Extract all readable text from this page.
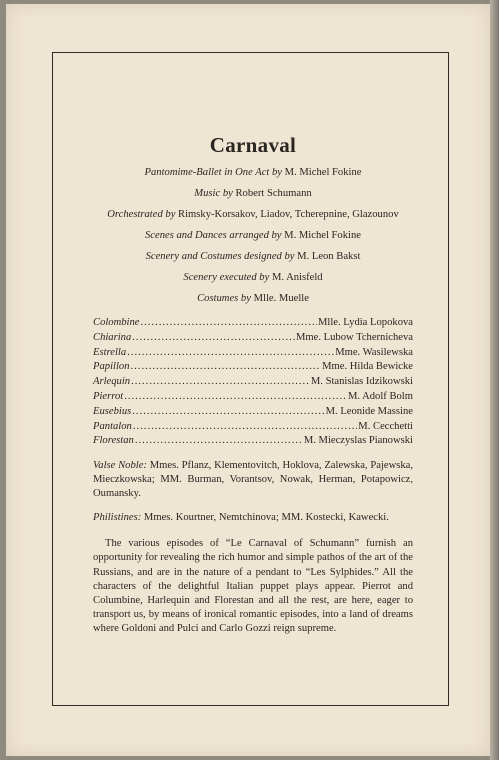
Carnaval
Pantomime-Ballet in One Act by M. Michel Fokine
Music by Robert Schumann
Orchestrated by Rimsky-Korsakov, Liadov, Tcherepnine, Glazounov
Scenes and Dances arranged by M. Michel Fokine
Scenery and Costumes designed by M. Leon Bakst
Scenery executed by M. Anisfeld
Costumes by Mlle. Muelle
Colombine .....	Mlle. Lydia Lopokova
Chiarina .....	Mme. Lubow Tchernicheva
Estrella .....	Mme. Wasilewska
Papillon .....	Mme. Hilda Bewicke
Arlequin .....	M. Stanislas Idzikowski
Pierrot .....	M. Adolf Bolm
Eusebius .....	M. Leonide Massine
Pantalon .....	M. Cecchetti
Florestan .....	M. Mieczyslas Pianowski
Valse Noble: Mmes. Pflanz, Klementovitch, Hoklova, Zalewska, Pajewska, Mieczkowska; MM. Burman, Vorantsov, Nowak, Herman, Potapowicz, Oumansky.
Philistines: Mmes. Kourtner, Nemtchinova; MM. Kostecki, Kawecki.
The various episodes of “Le Carnaval of Schumann” furnish an opportunity for revealing the rich humor and simple pathos of the art of the Russians, and are in the nature of a pendant to “Les Sylphides.” All the characters of the delightful Italian puppet plays appear. Pierrot and Columbine, Harlequin and Florestan and all the rest, are here, eager to transport us, by means of ironical romantic episodes, into a land of dreams where Goldoni and Pulci and Carlo Gozzi reign supreme.
